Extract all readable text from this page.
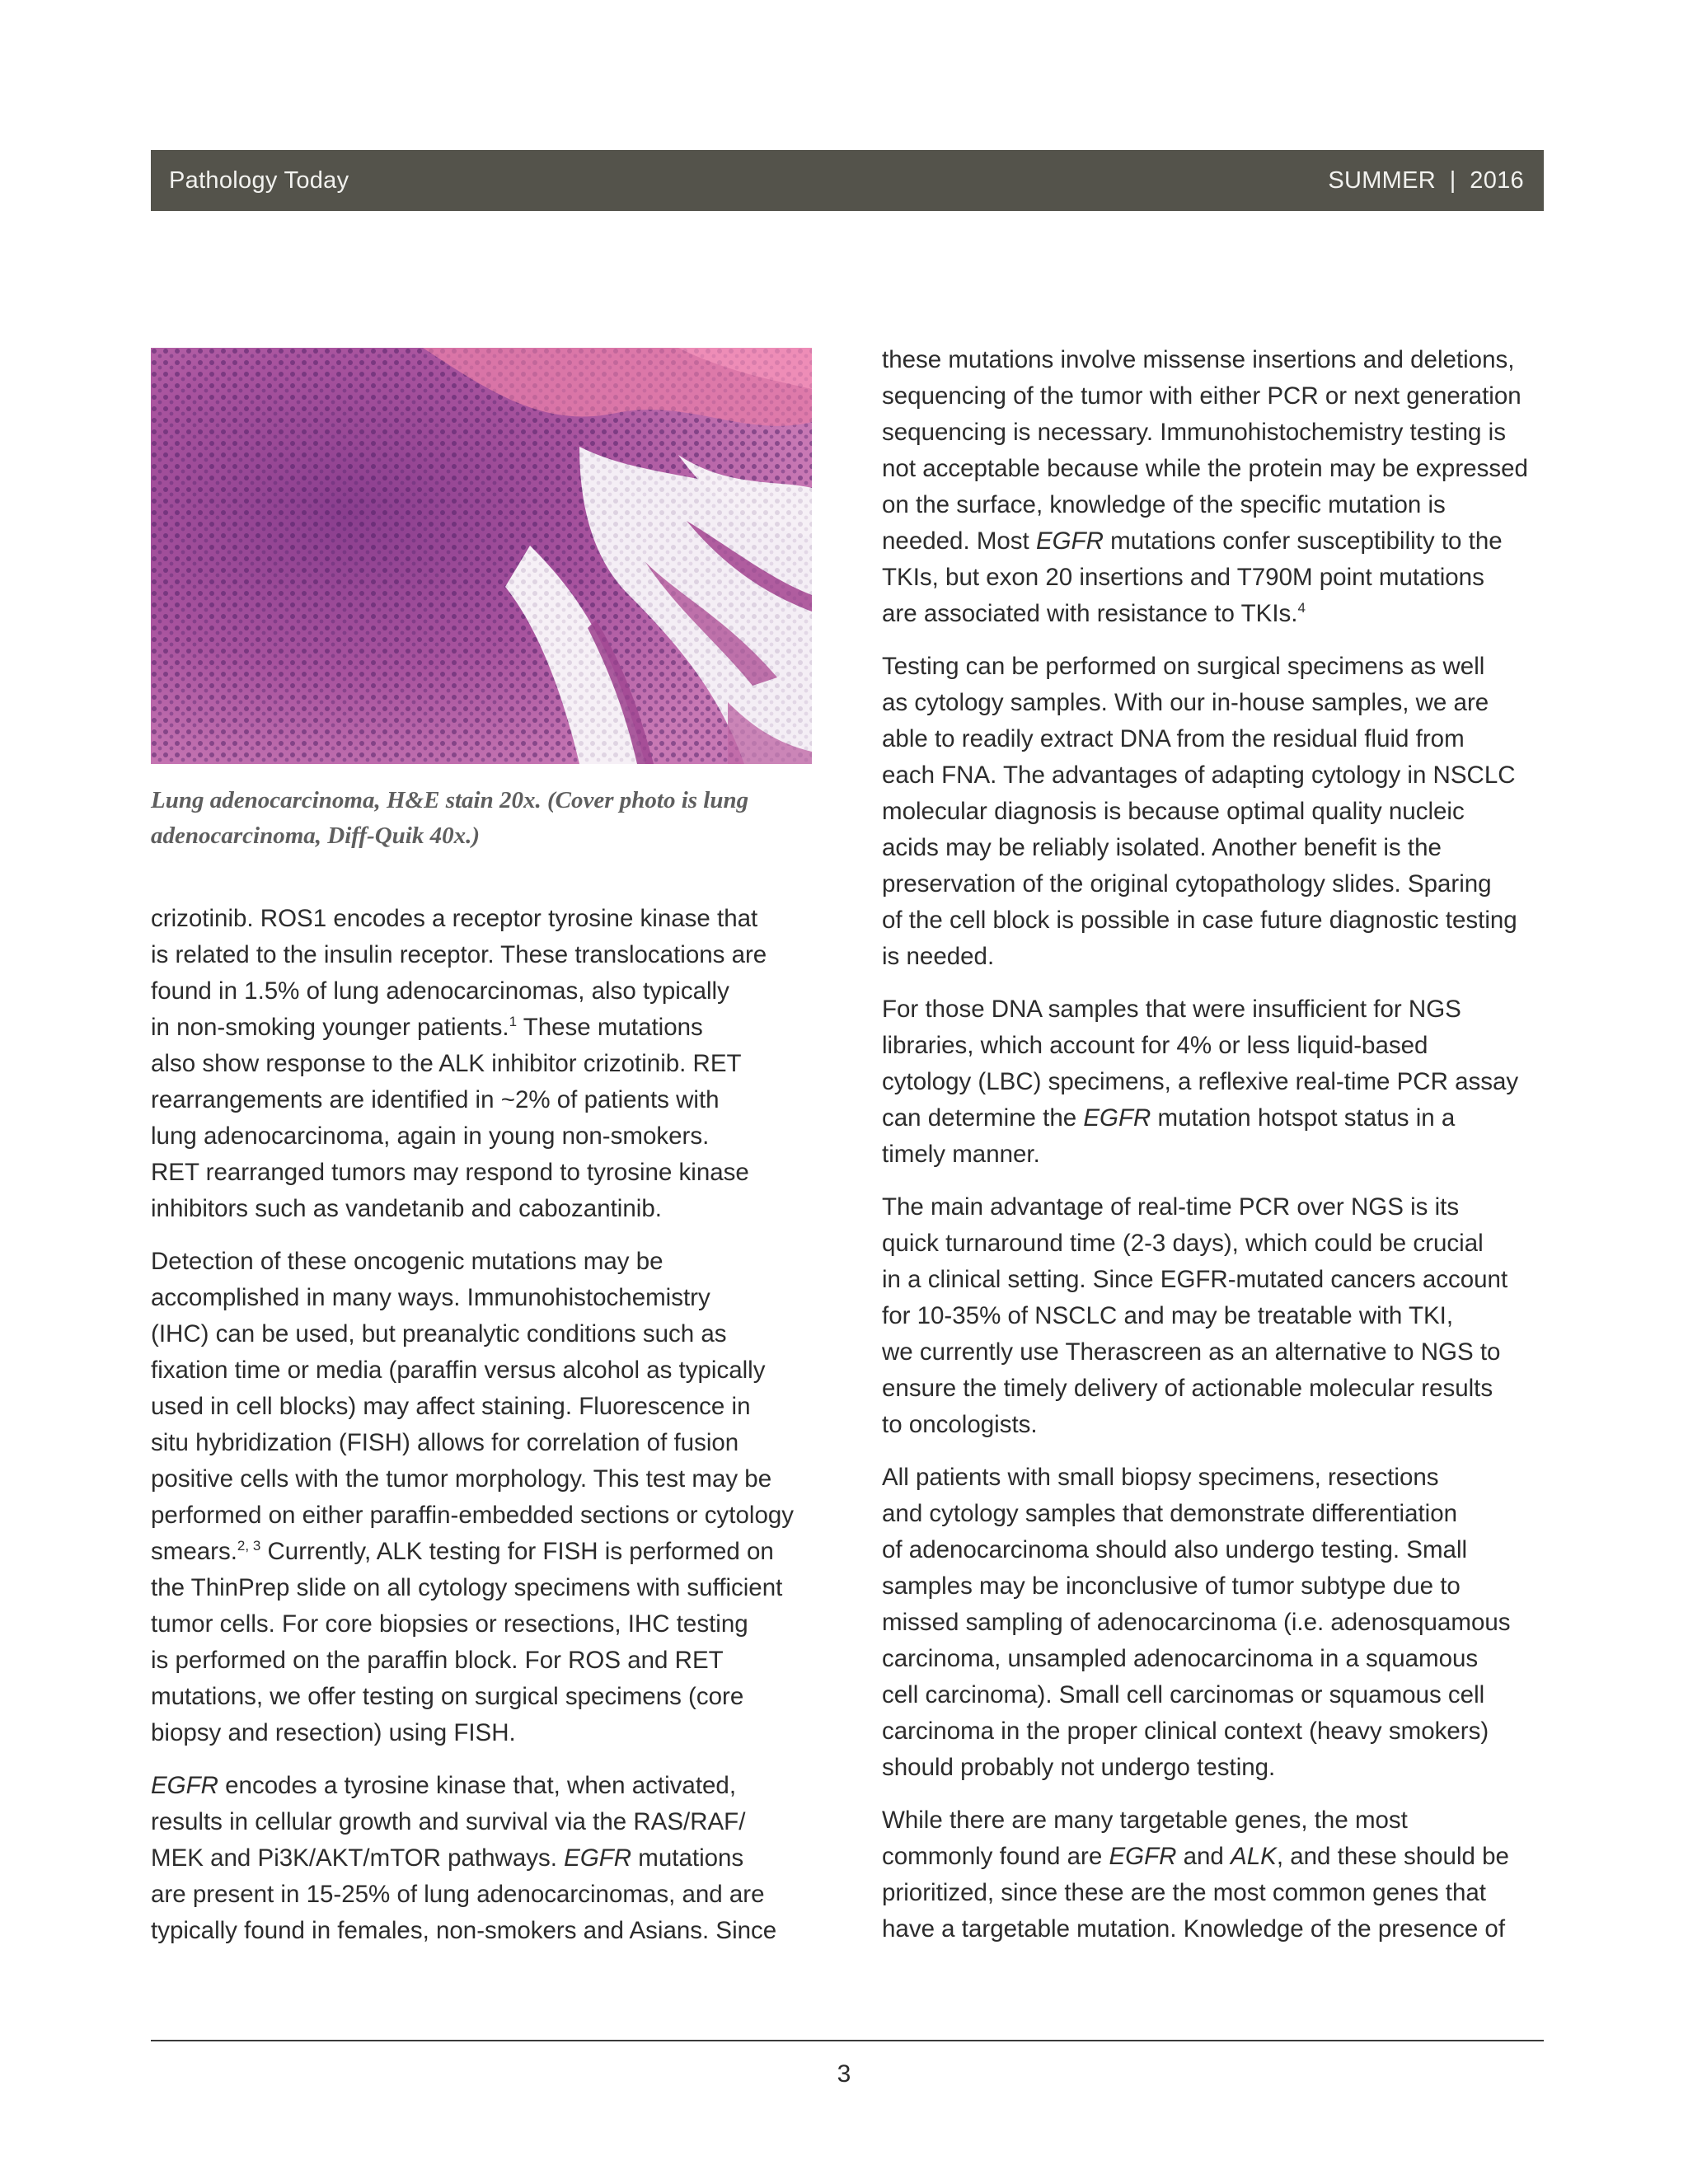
Pathology Today	SUMMER  |  2016
Lung adenocarcinoma, H&E stain 20x. (Cover photo is lung
adenocarcinoma, Diff-Quik 40x.)

crizotinib. ROS1 encodes a receptor tyrosine kinase that
is related to the insulin receptor. These translocations are
found in 1.5% of lung adenocarcinomas, also typically
in non-smoking younger patients.$^1$ These mutations
also show response to the ALK inhibitor crizotinib. RET
rearrangements are identified in ~2% of patients with
lung adenocarcinoma, again in young non-smokers.
RET rearranged tumors may respond to tyrosine kinase
inhibitors such as vandetanib and cabozantinib.

Detection of these oncogenic mutations may be
accomplished in many ways. Immunohistochemistry
(IHC) can be used, but preanalytic conditions such as
fixation time or media (paraffin versus alcohol as typically
used in cell blocks) may affect staining. Fluorescence in
situ hybridization (FISH) allows for correlation of fusion
positive cells with the tumor morphology. This test may be
performed on either paraffin-embedded sections or cytology
smears.$^{2, 3}$ Currently, ALK testing for FISH is performed on
the ThinPrep slide on all cytology specimens with sufficient
tumor cells. For core biopsies or resections, IHC testing
is performed on the paraffin block. For ROS and RET
mutations, we offer testing on surgical specimens (core
biopsy and resection) using FISH.

EGFR encodes a tyrosine kinase that, when activated,
results in cellular growth and survival via the RAS/RAF/
MEK and Pi3K/AKT/mTOR pathways. EGFR mutations
are present in 15-25% of lung adenocarcinomas, and are
typically found in females, non-smokers and Asians. Since

these mutations involve missense insertions and deletions,
sequencing of the tumor with either PCR or next generation
sequencing is necessary. Immunohistochemistry testing is
not acceptable because while the protein may be expressed
on the surface, knowledge of the specific mutation is
needed. Most EGFR mutations confer susceptibility to the
TKIs, but exon 20 insertions and T790M point mutations
are associated with resistance to TKIs.$^4$

Testing can be performed on surgical specimens as well
as cytology samples. With our in-house samples, we are
able to readily extract DNA from the residual fluid from
each FNA. The advantages of adapting cytology in NSCLC
molecular diagnosis is because optimal quality nucleic
acids may be reliably isolated. Another benefit is the
preservation of the original cytopathology slides. Sparing
of the cell block is possible in case future diagnostic testing
is needed.

For those DNA samples that were insufficient for NGS
libraries, which account for 4% or less liquid-based
cytology (LBC) specimens, a reflexive real-time PCR assay
can determine the EGFR mutation hotspot status in a
timely manner.

The main advantage of real-time PCR over NGS is its
quick turnaround time (2-3 days), which could be crucial
in a clinical setting. Since EGFR-mutated cancers account
for 10-35% of NSCLC and may be treatable with TKI,
we currently use Therascreen as an alternative to NGS to
ensure the timely delivery of actionable molecular results
to oncologists.

All patients with small biopsy specimens, resections
and cytology samples that demonstrate differentiation
of adenocarcinoma should also undergo testing. Small
samples may be inconclusive of tumor subtype due to
missed sampling of adenocarcinoma (i.e. adenosquamous
carcinoma, unsampled adenocarcinoma in a squamous
cell carcinoma). Small cell carcinomas or squamous cell
carcinoma in the proper clinical context (heavy smokers)
should probably not undergo testing.

While there are many targetable genes, the most
commonly found are EGFR and ALK, and these should be
prioritized, since these are the most common genes that
have a targetable mutation. Knowledge of the presence of

3
